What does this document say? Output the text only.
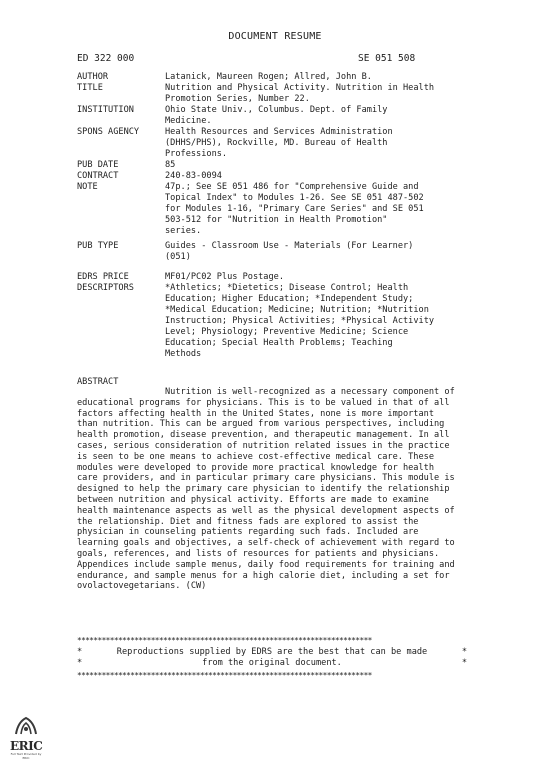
DOCUMENT RESUME
ED 322 000	SE 051 508
AUTHOR	Latanick, Maureen Rogen; Allred, John B.
TITLE	Nutrition and Physical Activity. Nutrition in Health
Promotion Series, Number 22.
INSTITUTION	Ohio State Univ., Columbus. Dept. of Family
Medicine.
SPONS AGENCY	Health Resources and Services Administration
(DHHS/PHS), Rockville, MD. Bureau of Health
Professions.
PUB DATE	85
CONTRACT	240-83-0094
NOTE	47p.; See SE 051 486 for "Comprehensive Guide and
Topical Index" to Modules 1-26. See SE 051 487-502
for Modules 1-16, "Primary Care Series" and SE 051
503-512 for "Nutrition in Health Promotion"
series.
PUB TYPE	Guides - Classroom Use - Materials (For Learner)
(051)
EDRS PRICE	MF01/PC02 Plus Postage.
DESCRIPTORS	*Athletics; *Dietetics; Disease Control; Health
Education; Higher Education; *Independent Study;
*Medical Education; Medicine; Nutrition; *Nutrition
Instruction; Physical Activities; *Physical Activity
Level; Physiology; Preventive Medicine; Science
Education; Special Health Problems; Teaching
Methods
ABSTRACT
Nutrition is well-recognized as a necessary component of educational programs for physicians. This is to be valued in that of all factors affecting health in the United States, none is more important than nutrition. This can be argued from various perspectives, including health promotion, disease prevention, and therapeutic management. In all cases, serious consideration of nutrition related issues in the practice is seen to be one means to achieve cost-effective medical care. These modules were developed to provide more practical knowledge for health care providers, and in particular primary care physicians. This module is designed to help the primary care physician to identify the relationship between nutrition and physical activity. Efforts are made to examine health maintenance aspects as well as the physical development aspects of the relationship. Diet and fitness fads are explored to assist the physician in counseling patients regarding such fads. Included are learning goals and objectives, a self-check of achievement with regard to goals, references, and lists of resources for patients and physicians. Appendices include sample menus, daily food requirements for training and endurance, and sample menus for a high calorie diet, including a set for ovolactovegetarians. (CW)
************************************************************************
*	Reproductions supplied by EDRS are the best that can be made	*
*	from the original document.	*
************************************************************************
ERIC
Full Text Provided by ERIC
